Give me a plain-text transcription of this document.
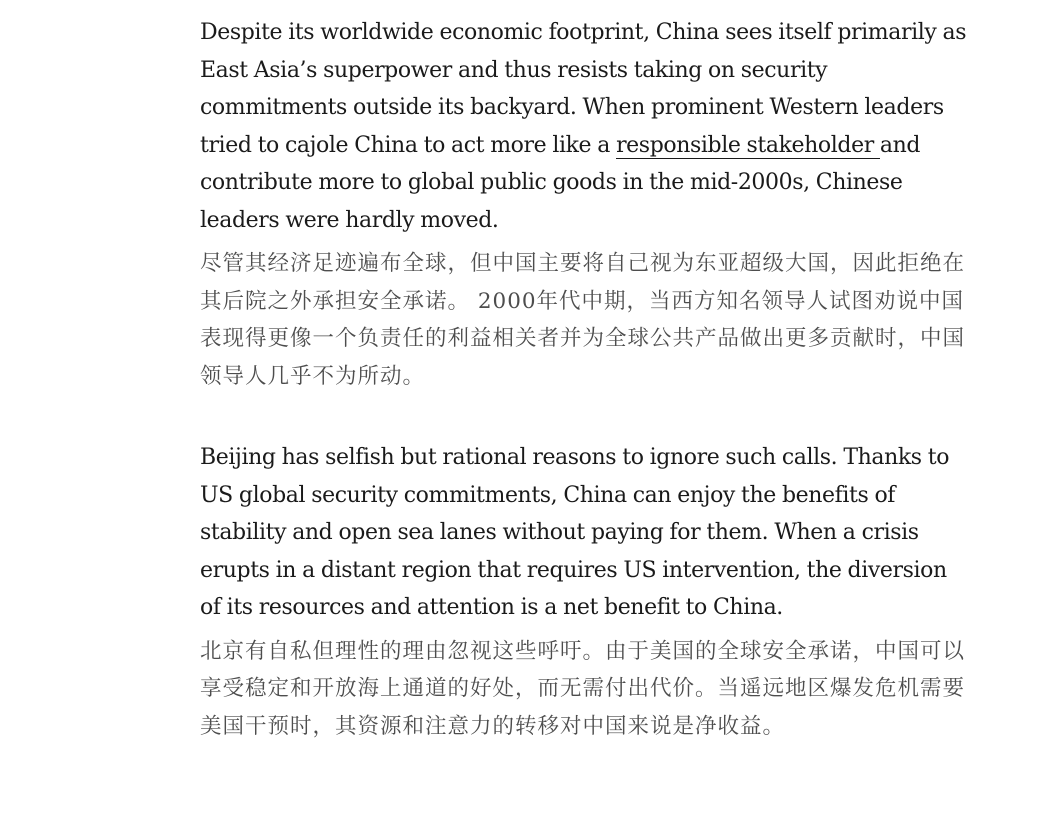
Despite its worldwide economic footprint, China sees itself primarily as East Asia’s superpower and thus resists taking on security commitments outside its backyard. When prominent Western leaders tried to cajole China to act more like a responsible stakeholder and contribute more to global public goods in the mid-2000s, Chinese leaders were hardly moved.

尽管其经济足迹遍布全球，但中国主要将自己视为东亚超级大国，因此拒绝在其后院之外承担安全承诺。 2000年代中期，当西方知名领导人试图劝说中国表现得更像一个负责任的利益相关者并为全球公共产品做出更多贡献时，中国领导人几乎不为所动。

Beijing has selfish but rational reasons to ignore such calls. Thanks to US global security commitments, China can enjoy the benefits of stability and open sea lanes without paying for them. When a crisis erupts in a distant region that requires US intervention, the diversion of its resources and attention is a net benefit to China.

北京有自私但理性的理由忽视这些呼吁。由于美国的全球安全承诺，中国可以享受稳定和开放海上通道的好处，而无需付出代价。当遥远地区爆发危机需要美国干预时，其资源和注意力的转移对中国来说是净收益。
